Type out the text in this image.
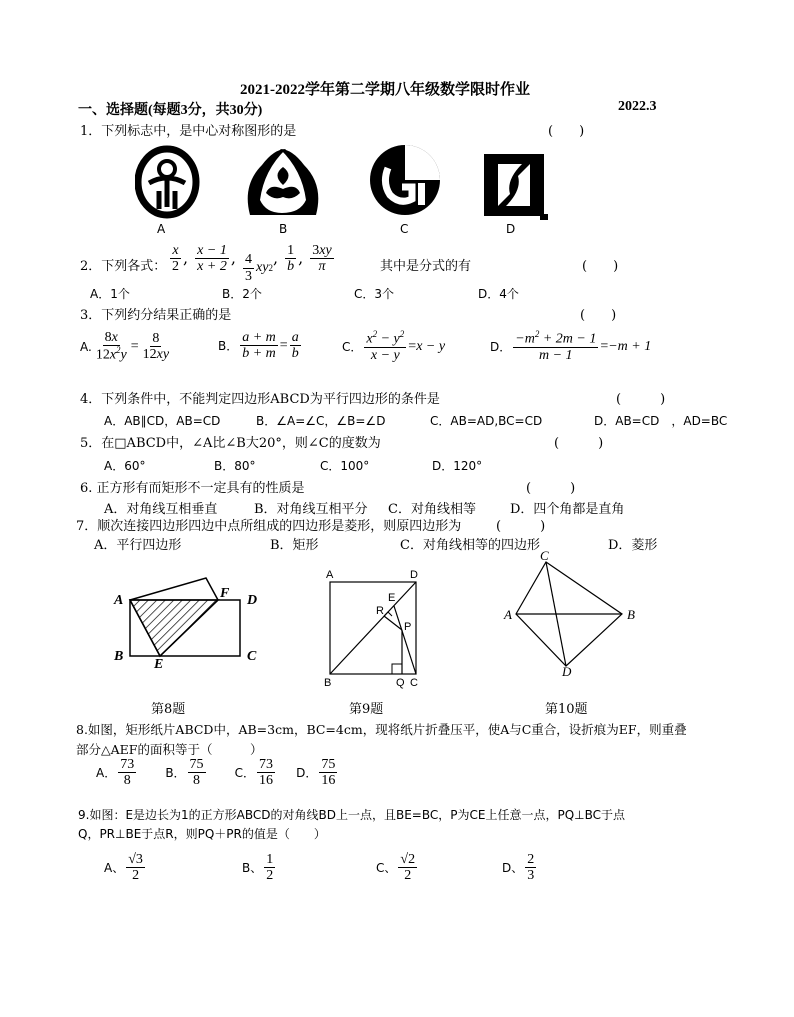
2021-2022学年第二学期八年级数学限时作业
一、选择题(每题3分，共30分)	2022.3
1．下列标志中，是中心对称图形的是	(　　)
A	B	C	D
2．下列各式： $\frac{x}{2}$ , $\frac{x - 1}{x + 2}$ , $\frac{4}{3}$ xy 2
, $\frac{1}{b}$ , $\frac{3xy}{\pi}$	其中是分式的有	(　　)
A．1个	B．2个	C．3个	D．4个
3．下列约分结果正确的是	(　　)
A. $\frac{8x}{12x^2y} = \frac{8}{12xy}$	B． $\frac{a + m}{b + m} = \frac{a}{b}$	C． $\frac{x^2 - y^2}{x - y} = x - y$	D． $\frac{-m^2 + 2m - 1}{m - 1} = -m + 1$
4．下列条件中，不能判定四边形ABCD为平行四边形的条件是	(　　　)
A．AB∥CD，AB=CD	B．∠A=∠C，∠B=∠D	C．AB=AD,BC=CD	D．AB=CD　，AD=BC
5．在□ABCD中，∠A比∠B大20°，则∠C的度数为	(　　　)
A．60°	B．80°	C．100°	D．120°
6. 正方形有而矩形不一定具有的性质是	(　　　)
A．对角线互相垂直	B．对角线互相平分 C．对角线相等	D．四个角都是直角
7．顺次连接四边形四边中点所组成的四边形是菱形，则原四边形为	(　　　)
A．平行四边形	B．矩形	C．对角线相等的四边形	D．菱形
A	F D
B
E
C
A	D
E
R
P
B	Q C
C
A	B
D
第8题	第9题	第10题
8.如图，矩形纸片ABCD中，AB=3cm，BC=4cm，现将纸片折叠压平，使A与C重合，设折痕为EF，则重叠
部分△AEF的面积等于（　　　）
A． $\frac{73}{8}$
B． $\frac{75}{8}$
C． $\frac{73}{16}$
D． $\frac{75}{16}$
9.如图：E是边长为1的正方形ABCD的对角线BD上一点，且BE=BC，P为CE上任意一点，PQ⊥BC于点
Q，PR⊥BE于点R，则PQ＋PR的值是（　　）
A、 $\frac{√3}{2}$	B、 $\frac{1}{2}$	C、 $\frac{√2}{2}$	D、 $\frac{2}{3}$
